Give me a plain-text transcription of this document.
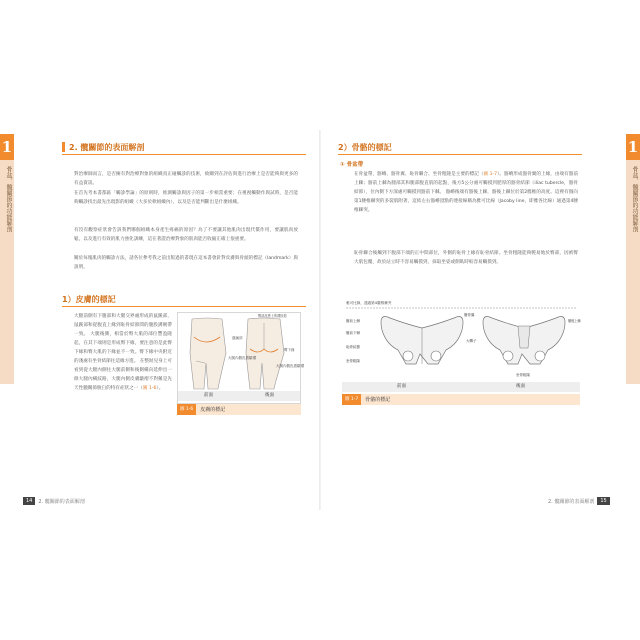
1
骨盆、髖關節的功能解剖
1
骨盆、髖關節的功能解剖
2. 髖關節的表面解剖

對治療師而言，是否擁有對治療對象的組織真正碰觸診的技術，攸關到在評估與進行治療上是否能夠與更多的有益資訊。

在首先考本書都區「觸診學論」的原則時，推測觸診與因子的第一步相當重要；在視視觸動作與試時，是否能夠觸診找出最先出現影的組織（大多於軟組織內），以及是否能判斷出是什麼組織。

有沒有觀察症狀會告訴我們哪個組織本身產生疼痛的原因？為了不要讓其他肌肉出現代償作用，要讓肌肉放鬆，以及進行有效的肌力強化訓練，這在著證治療對象的肌肉能否收縮正確上很重要。

關於每塊肌肉的觸診方法，請各位參考我之前出版過的書現在這本書會針對皮膚與骨頭的標記（landmark）與說明。

1）皮膚的標記

大腿前側有下腹部和大腿交界處形成的鼠蹊部，鼠蹊部和從腹直上緣到恥骨結節間的腹股溝韌帶一致。 大腿後側，相當於臀大肌的部位豐盈隆起，在其下端則是形成臀下緣，要注意的是此臀下緣和臀大肌的下緣並不一致。臀下緣中央附近的淺處有坐骨結節往這緣方進。 在整趾兒身上可看到從大腿內側往大腿前側和後側橫向延伸出一條大腿內橫紋路，大腿內側皮膚皺褶不對稱是先天性髖關節脫臼的特有症狀之一（圖 1-6）。

鼠蹊部
大腿內側皮膚皺褶
臀下緣
大腿內側皮膚皺褶
臀部皮膚上的褶紋鉛
前面	後面
圖 1-6	皮膚的標記
14	2. 髖關節的表面解剖
2）骨骼的標記
① 骨盆帶

在骨盆帶，髂嵴、髂骨翼、恥骨聯合、坐骨粗隆是主要的標記（圖 1-7）。髂嵴形成髂骨翼的上緣，由端有髂前上棘；髂前上棘為腿部其和腿部腹直肌的起點，後方5公分處可觸摸到肥厚的髂骨結節（iliac tubercle，髂骨結節），位內側下方深處可觸摸到髂前下棘。 髂嵴後端有髂後上棘，髂後上棘位於第2薦椎的高度。這裡有個向第1腰椎棘突的多裂肌附著，這結左右髂嵴頂點的連接線稱為雅可比線（Jacoby line，即雅各比線）通過第4腰椎棘突。

恥骨聯合後觸到下腹部下端的正中間部位，外側的恥骨上緣有恥骨結節。坐骨粗隆能夠輕易地於臀部，因被臀大肌包覆，故於站立時不容易觸摸到，採取坐姿或側臥時較容易觸摸到。

雅可比線，通過第4腰椎棘突
髂前上棘
髂前下棘
恥骨結節
坐骨粗隆
髂骨翼
髂後上棘
大轉子
坐骨粗隆
前面	後面
圖 1-7	骨骼的標記
2. 髖關節的表面解剖	15
